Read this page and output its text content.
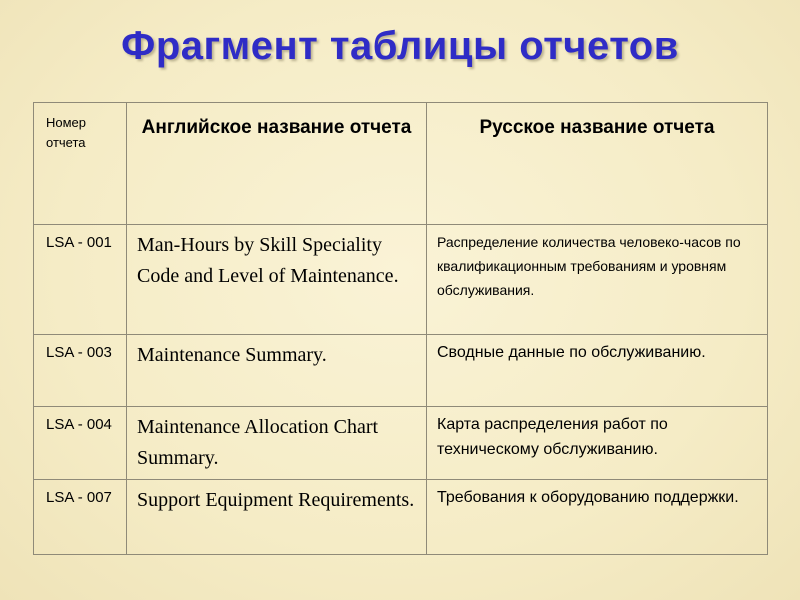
Фрагмент таблицы отчетов
Номер отчета	Английское название отчета	Русское название отчета

LSA - 001	Man-Hours by Skill Speciality Code and Level of Maintenance.	Распределение количества человеко-часов по квалификационным требованиям и уровням обслуживания.

LSA - 003	Maintenance Summary.	Сводные данные по обслуживанию.

LSA - 004	Maintenance Allocation Chart Summary.	Карта распределения работ по техническому обслуживанию.

LSA - 007	Support Equipment Requirements.	Требования к оборудованию поддержки.
